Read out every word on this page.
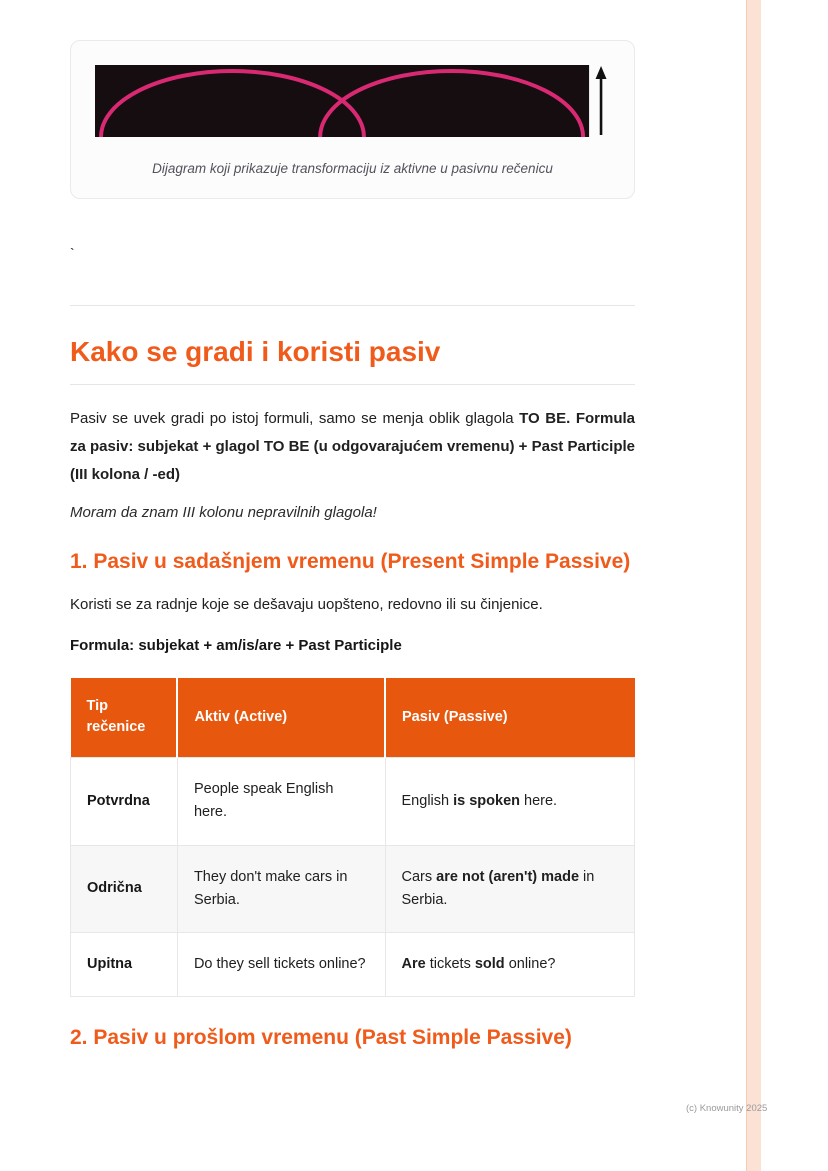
(c) Knowunity 2025
Dijagram koji prikazuje transformaciju iz aktivne u pasivnu rečenicu
`
Kako se gradi i koristi pasiv

Pasiv se uvek gradi po istoj formuli, samo se menja oblik glagola TO BE. Formula za pasiv: subjekat + glagol TO BE (u odgovarajućem vremenu) + Past Participle (III kolona / -ed)

Moram da znam III kolonu nepravilnih glagola!

1. Pasiv u sadašnjem vremenu (Present Simple Passive)

Koristi se za radnje koje se dešavaju uopšteno, redovno ili su činjenice.

Formula: subjekat + am/is/are + Past Participle

Tip rečenice	Aktiv (Active)	Pasiv (Passive)
Potvrdna	People speak English here.	English is spoken here.
Odrična	They don't make cars in Serbia.	Cars are not (aren't) made in Serbia.
Upitna	Do they sell tickets online?	Are tickets sold online?
2. Pasiv u prošlom vremenu (Past Simple Passive)
